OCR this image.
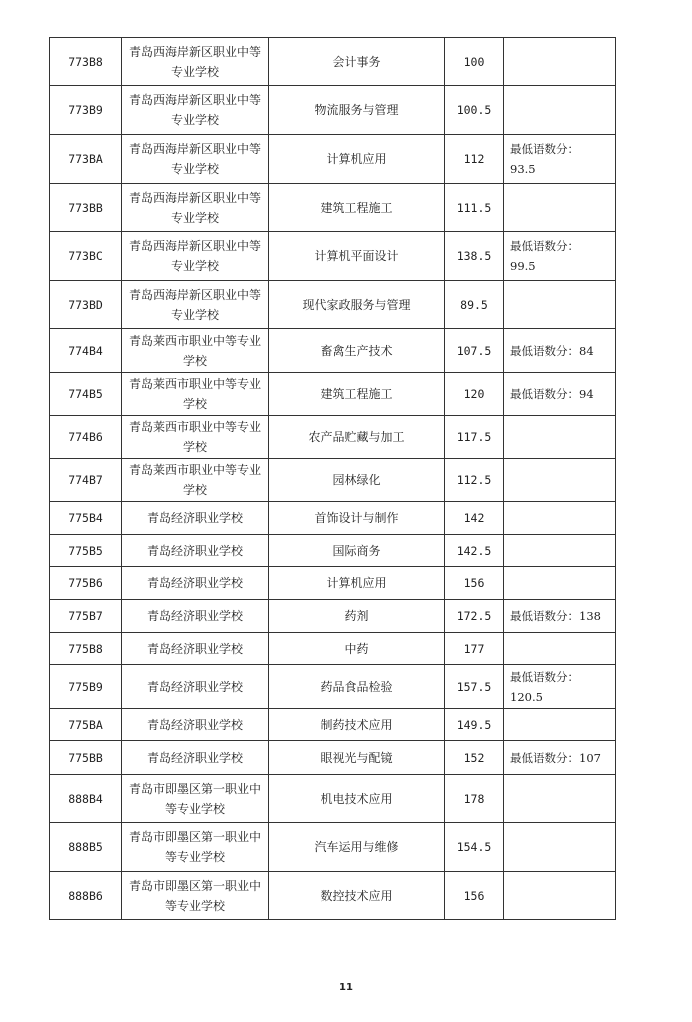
773B8	青岛西海岸新区职业中等专业学校	会计事务	100	
773B9	青岛西海岸新区职业中等专业学校	物流服务与管理	100.5	
773BA	青岛西海岸新区职业中等专业学校	计算机应用	112	最低语数分：
93.5
773BB	青岛西海岸新区职业中等专业学校	建筑工程施工	111.5	
773BC	青岛西海岸新区职业中等专业学校	计算机平面设计	138.5	最低语数分：
99.5
773BD	青岛西海岸新区职业中等专业学校	现代家政服务与管理	89.5	
774B4	青岛莱西市职业中等专业学校	畜禽生产技术	107.5	最低语数分：84
774B5	青岛莱西市职业中等专业学校	建筑工程施工	120	最低语数分：94
774B6	青岛莱西市职业中等专业学校	农产品贮藏与加工	117.5	
774B7	青岛莱西市职业中等专业学校	园林绿化	112.5	
775B4	青岛经济职业学校	首饰设计与制作	142	
775B5	青岛经济职业学校	国际商务	142.5	
775B6	青岛经济职业学校	计算机应用	156	
775B7	青岛经济职业学校	药剂	172.5	最低语数分：138
775B8	青岛经济职业学校	中药	177	
775B9	青岛经济职业学校	药品食品检验	157.5	最低语数分：
120.5
775BA	青岛经济职业学校	制药技术应用	149.5	
775BB	青岛经济职业学校	眼视光与配镜	152	最低语数分：107
888B4	青岛市即墨区第一职业中等专业学校	机电技术应用	178	
888B5	青岛市即墨区第一职业中等专业学校	汽车运用与维修	154.5	
888B6	青岛市即墨区第一职业中等专业学校	数控技术应用	156	
11
